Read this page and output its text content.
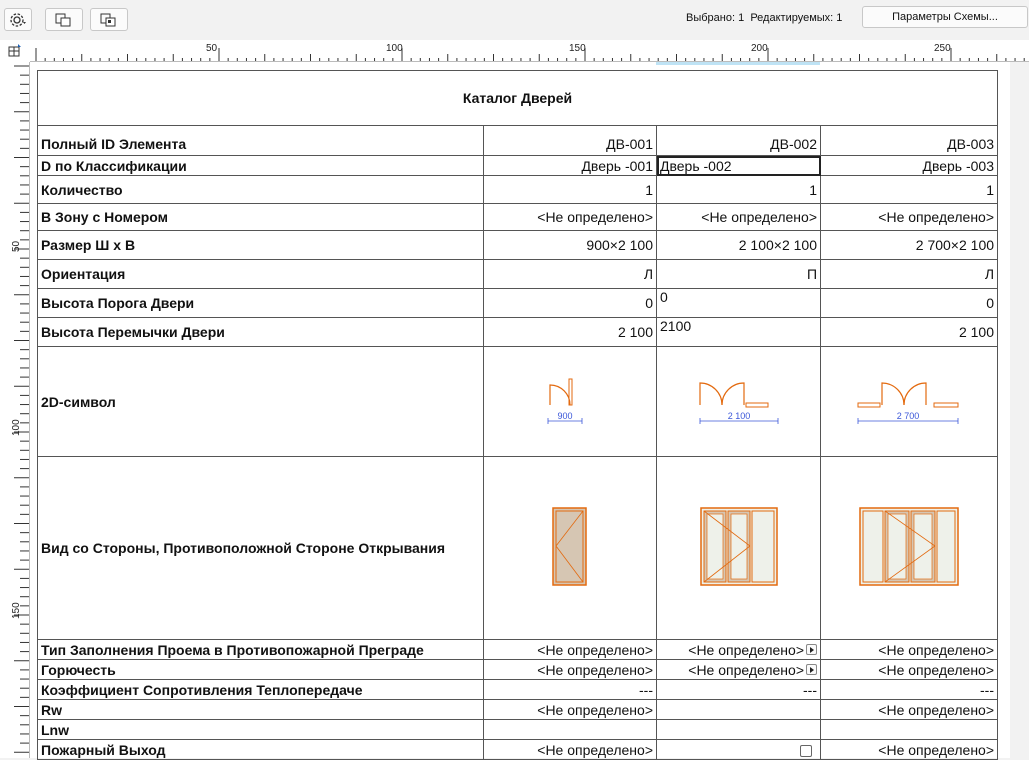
Выбрано: 1 Редактируемых: 1	Параметры Схемы...
50	100	150	200	250
50
100
150
Каталог Дверей			
Полный ID Элемента	ДВ-001	ДВ-002	ДВ-003
D по Классификации	Дверь -001	Дверь -002	Дверь -003
Количество	1	1	1
В Зону с Номером	<Не определено>	<Не определено>	<Не определено>
Размер Ш х В	900×2 100	2 100×2 100	2 700×2 100
Ориентация	Л	П	Л
Высота Порога Двери	0	0	0
Высота Перемычки Двери	2 100	2100	2 100
2D-символ	900	2 100	2 700

Вид со Стороны, Противоположной Стороне Открывания			
Тип Заполнения Проема в Противопожарной Преграде	<Не определено>	<Не определено>	<Не определено>
Горючесть	<Не определено>	<Не определено>	<Не определено>
Коэффициент Сопротивления Теплопередаче	---	---	---
Rw	<Не определено>		<Не определено>
Lnw			
Пожарный Выход	<Не определено>		<Не определено>
